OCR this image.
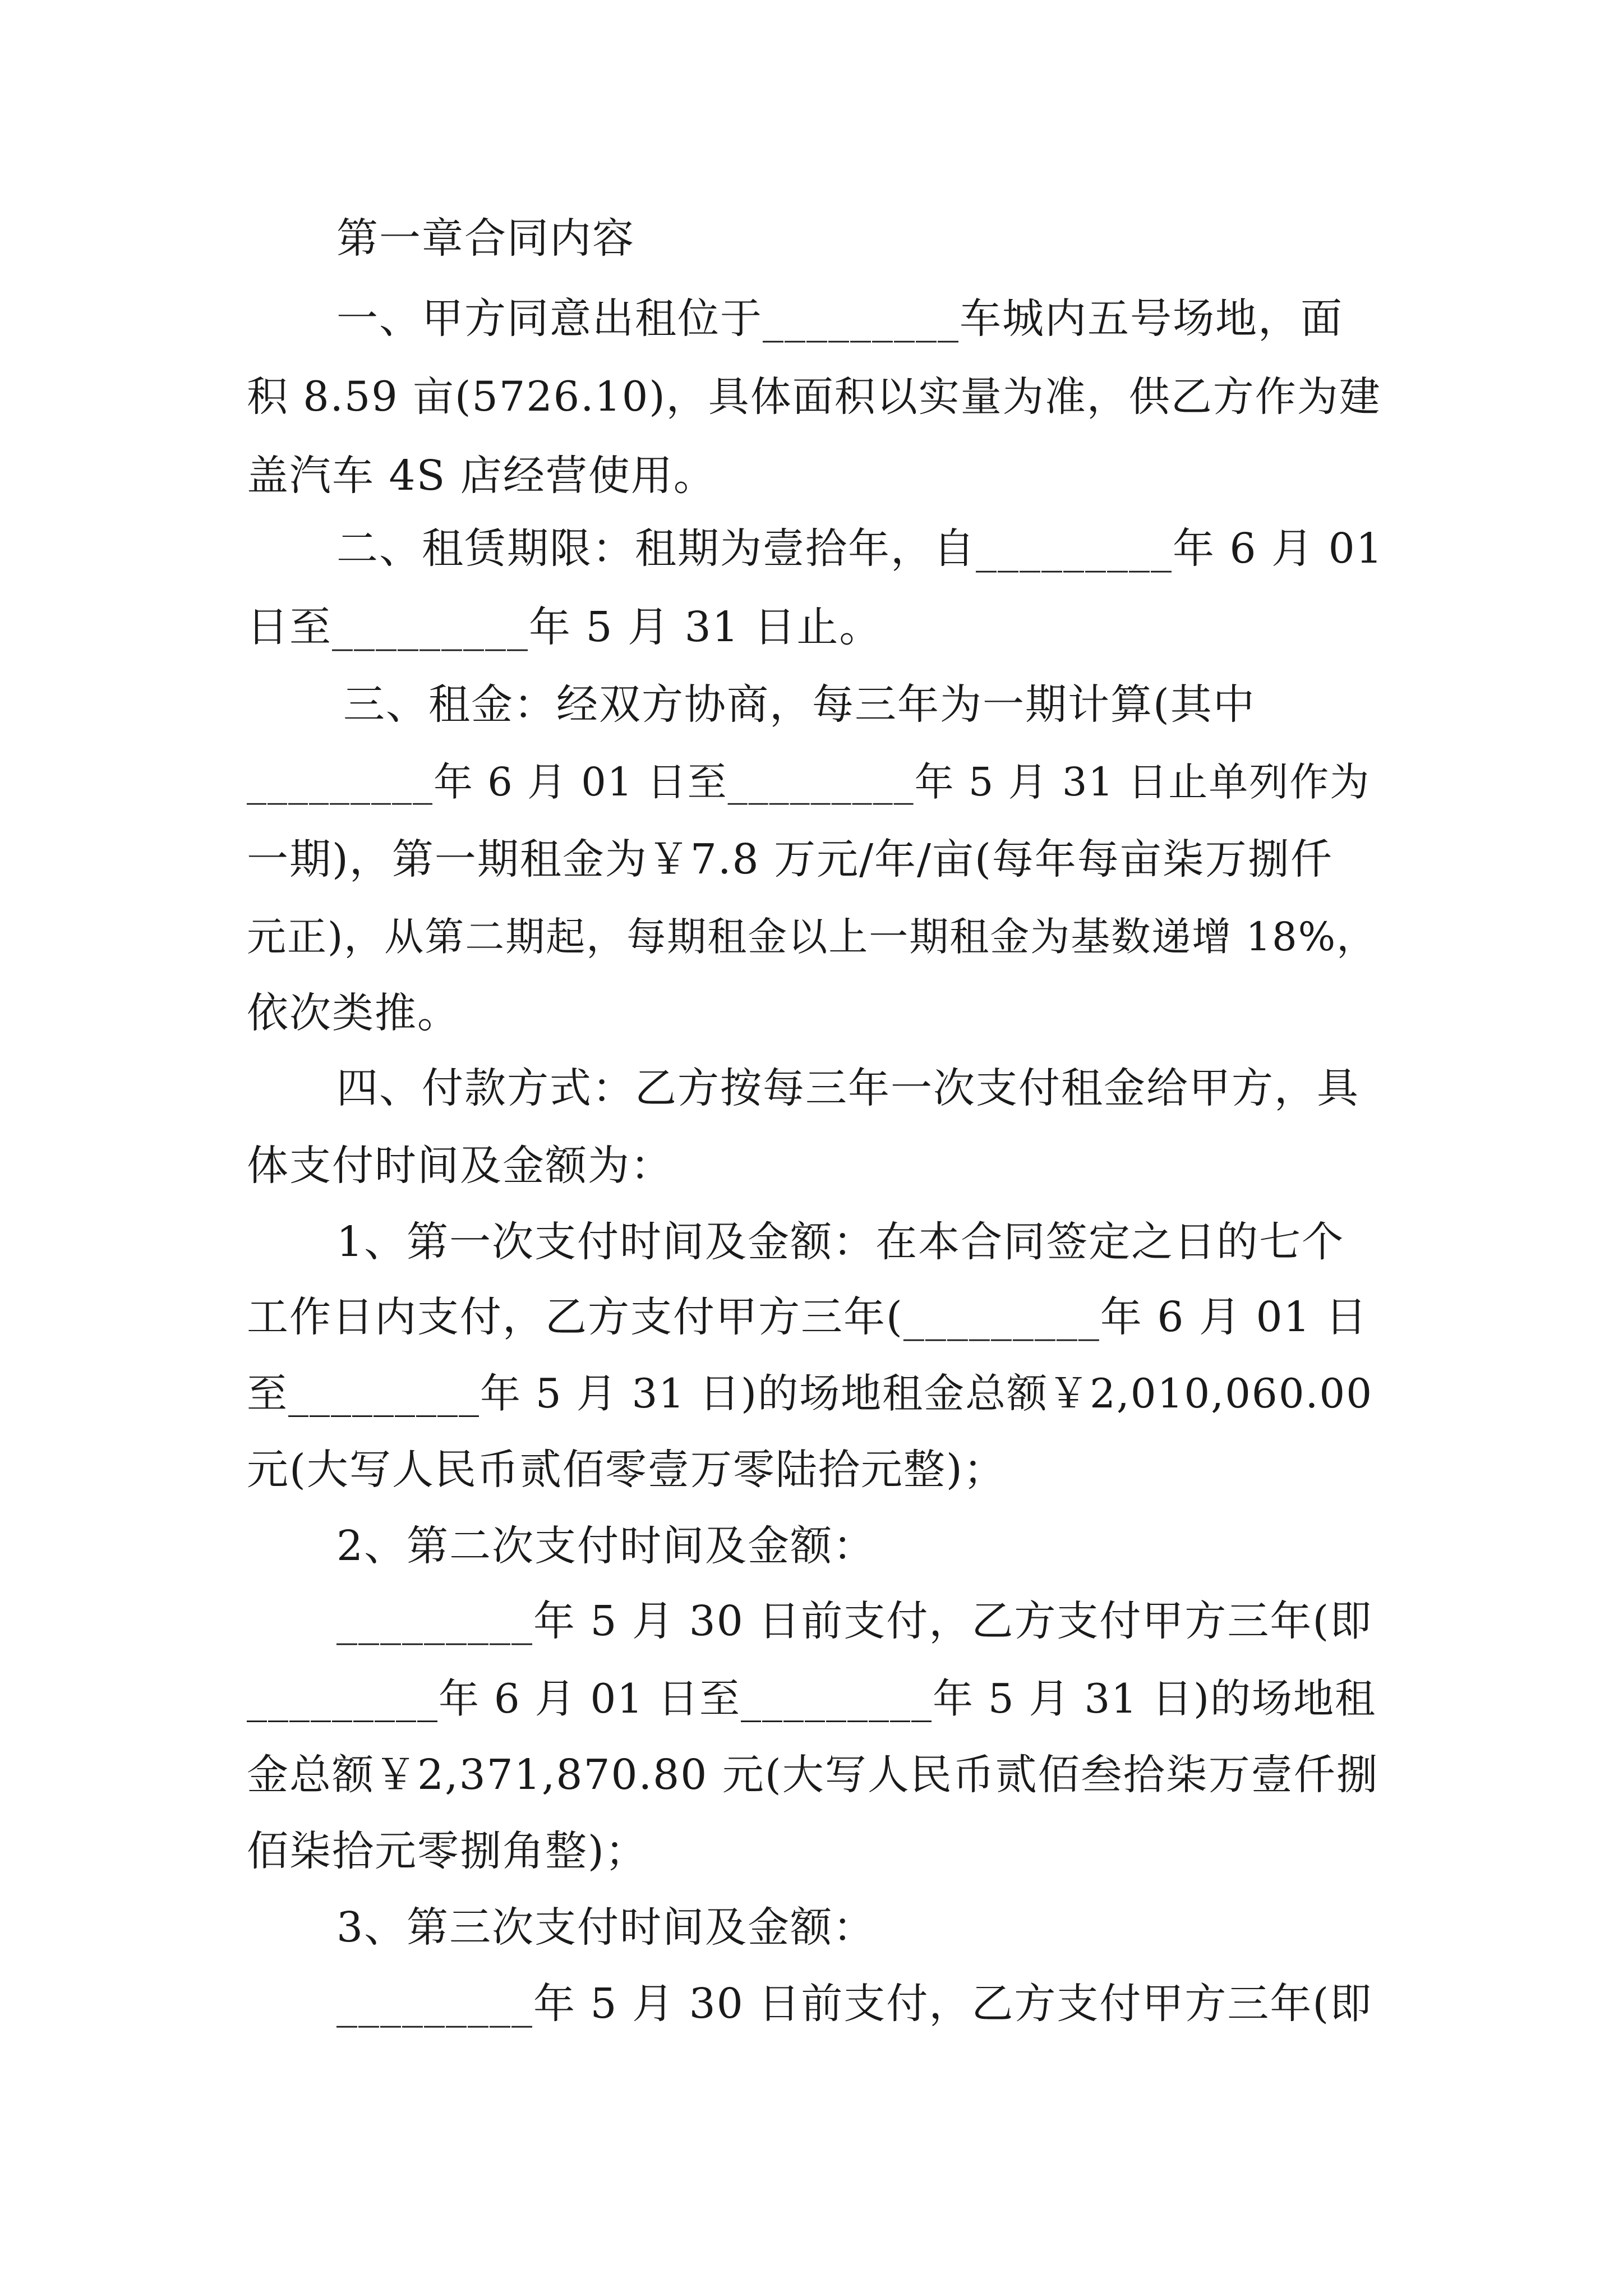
第一章合同内容
一、甲方同意出租位于_________车城内五号场地，面
积 8.59 亩(5726.10)，具体面积以实量为准，供乙方作为建
盖汽车 4S 店经营使用。
二、租赁期限：租期为壹拾年，自_________年 6 月 01
日至_________年 5 月 31 日止。
三、租金：经双方协商，每三年为一期计算(其中
_________年 6 月 01 日至_________年 5 月 31 日止单列作为
一期)，第一期租金为￥7.8 万元/年/亩(每年每亩柒万捌仟
元正)，从第二期起，每期租金以上一期租金为基数递增 18%，
依次类推。
四、付款方式：乙方按每三年一次支付租金给甲方，具
体支付时间及金额为：
1、第一次支付时间及金额：在本合同签定之日的七个
工作日内支付，乙方支付甲方三年(_________年 6 月 01 日
至_________年 5 月 31 日)的场地租金总额￥2,010,060.00
元(大写人民币贰佰零壹万零陆拾元整)；
2、第二次支付时间及金额：
_________年 5 月 30 日前支付，乙方支付甲方三年(即
_________年 6 月 01 日至_________年 5 月 31 日)的场地租
金总额￥2,371,870.80 元(大写人民币贰佰叁拾柒万壹仟捌
佰柒拾元零捌角整)；
3、第三次支付时间及金额：
_________年 5 月 30 日前支付，乙方支付甲方三年(即
